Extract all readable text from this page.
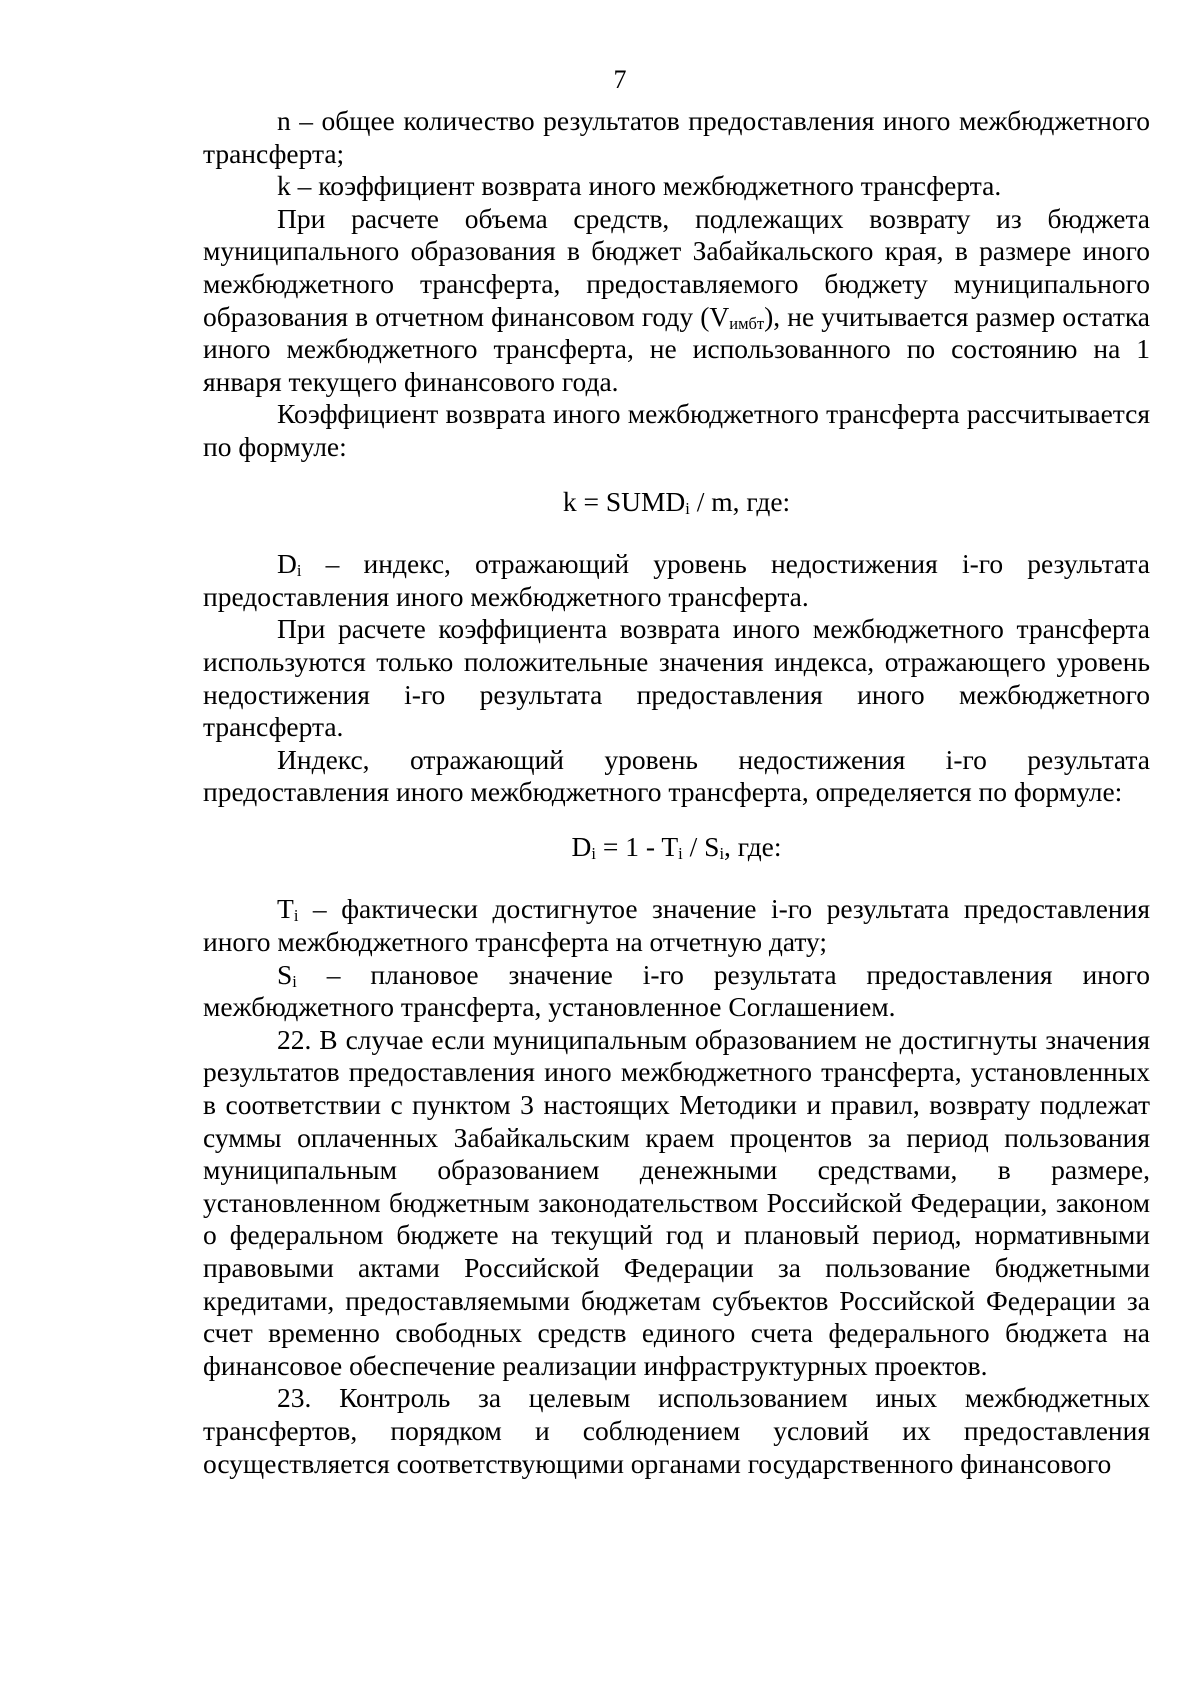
7

n – общее количество результатов предоставления иного межбюджетного трансферта;

k – коэффициент возврата иного межбюджетного трансферта.

При расчете объема средств, подлежащих возврату из бюджета муниципального образования в бюджет Забайкальского края, в размере иного межбюджетного трансферта, предоставляемого бюджету муниципального образования в отчетном финансовом году $(V_{имбт})$, не учитывается размер остатка иного межбюджетного трансферта, не использованного по состоянию на 1 января текущего финансового года.

Коэффициент возврата иного межбюджетного трансферта рассчитывается по формуле:

$k = SUMD_i / m$, где:

$D_i$ – индекс, отражающий уровень недостижения i-го результата предоставления иного межбюджетного трансферта.

При расчете коэффициента возврата иного межбюджетного трансферта используются только положительные значения индекса, отражающего уровень недостижения i-го результата предоставления иного межбюджетного трансферта.

Индекс, отражающий уровень недостижения i-го результата предоставления иного межбюджетного трансферта, определяется по формуле:

$D_i = 1 - T_i / S_i$, где:

$T_i$ – фактически достигнутое значение i-го результата предоставления иного межбюджетного трансферта на отчетную дату;

$S_i$ – плановое значение i-го результата предоставления иного межбюджетного трансферта, установленное Соглашением.

22. В случае если муниципальным образованием не достигнуты значения результатов предоставления иного межбюджетного трансферта, установленных в соответствии с пунктом 3 настоящих Методики и правил, возврату подлежат суммы оплаченных Забайкальским краем процентов за период пользования муниципальным образованием денежными средствами, в размере, установленном бюджетным законодательством Российской Федерации, законом о федеральном бюджете на текущий год и плановый период, нормативными правовыми актами Российской Федерации за пользование бюджетными кредитами, предоставляемыми бюджетам субъектов Российской Федерации за счет временно свободных средств единого счета федерального бюджета на финансовое обеспечение реализации инфраструктурных проектов.

23. Контроль за целевым использованием иных межбюджетных трансфертов, порядком и соблюдением условий их предоставления осуществляется соответствующими органами государственного финансового
